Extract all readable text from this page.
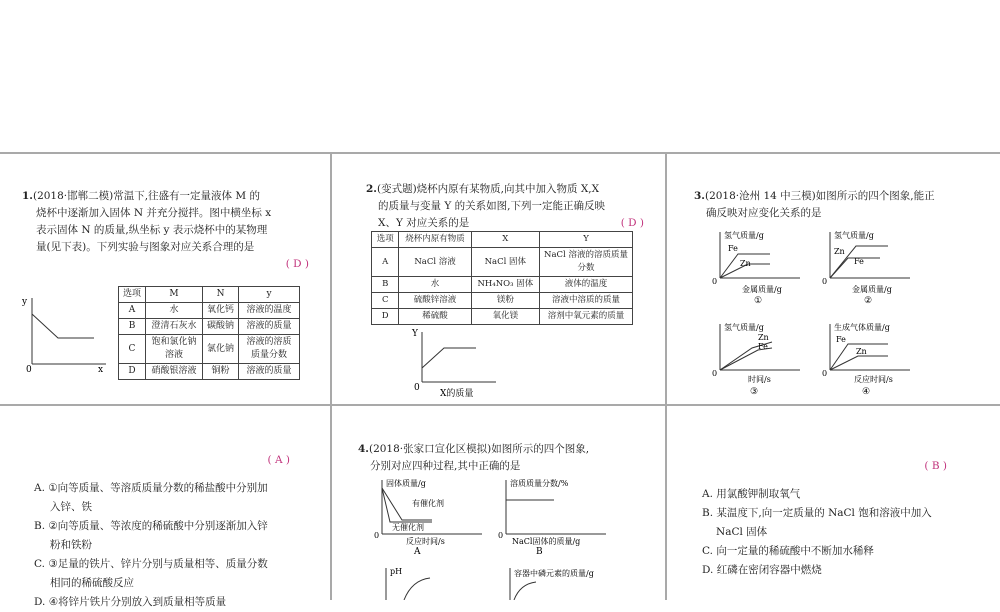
1.(2018·邯郸二模)常温下,往盛有一定量液体 M 的
烧杯中逐渐加入固体 N 并充分搅拌。图中横坐标 x
表示固体 N 的质量,纵坐标 y 表示烧杯中的某物理
量(见下表)。下列实验与图象对应关系合理的是
( D )
y
x
0
选项	M	N	y
A	水	氧化钙	溶液的温度
B	澄清石灰水	碳酸钠	溶液的质量
C	饱和氯化钠溶液	氯化钠	溶液的溶质质量分数
D	硝酸银溶液	铜粉	溶液的质量
2.(变式题)烧杯内原有某物质,向其中加入物质 X,X
的质量与变量 Y 的关系如图,下列一定能正确反映
X、Y 对应关系的是	( D )
选项	烧杯内原有物质	X	Y
A	NaCl 溶液	NaCl 固体	NaCl 溶液的溶质质量分数
B	水	NH₄NO₃ 固体	液体的温度
C	硫酸锌溶液	镁粉	溶液中溶质的质量
D	稀硫酸	氧化镁	溶剂中氧元素的质量
Y
0
X的质量
3.(2018·沧州 14 中三模)如图所示的四个图象,能正
确反映对应变化关系的是
氢气质量/g
Fe
Zn
0
金属质量/g
①
氢气质量/g
Zn
Fe
0
金属质量/g
②
氢气质量/g
Zn
Fe
0
时间/s
③
生成气体质量/g
Fe
Zn
0
反应时间/s
④
( A )
A. ①向等质量、等溶质质量分数的稀盐酸中分别加
入锌、铁
B. ②向等质量、等浓度的稀硫酸中分别逐渐加入锌
粉和铁粉
C. ③足量的铁片、锌片分别与质量相等、质量分数
相同的稀硫酸反应
D. ④将锌片铁片分别放入到质量相等质量
4.(2018·张家口宣化区模拟)如图所示的四个图象,
分别对应四种过程,其中正确的是
固体质量/g
有催化剂
无催化剂
0
反应时间/s
A
溶质质量分数/%
0
NaCl固体的质量/g
B
pH	容器中磷元素的质量/g
( B )
A. 用氯酸钾制取氧气
B. 某温度下,向一定质量的 NaCl 饱和溶液中加入
NaCl 固体
C. 向一定量的稀硫酸中不断加水稀释
D. 红磷在密闭容器中燃烧
